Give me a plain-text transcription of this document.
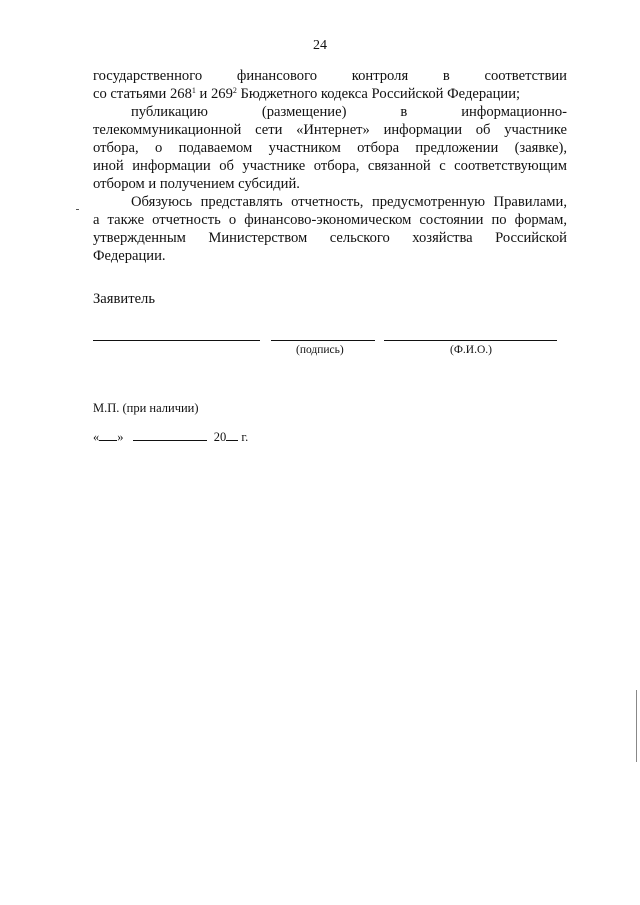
24
государственного финансового контроля в соответствии
со статьями $268^1$ и $269^2$ Бюджетного кодекса Российской Федерации;
публикацию (размещение) в информационно-
телекоммуникационной сети «Интернет» информации об участнике
отбора, о подаваемом участником отбора предложении (заявке),
иной информации об участнике отбора, связанной с соответствующим
отбором и получением субсидий.
Обязуюсь представлять отчетность, предусмотренную Правилами,
а также отчетность о финансово-экономическом состоянии по формам,
утвержденным Министерством сельского хозяйства Российской
Федерации.
Заявитель
(подпись)	(Ф.И.О.)
М.П. (при наличии)
« »	20 г.
